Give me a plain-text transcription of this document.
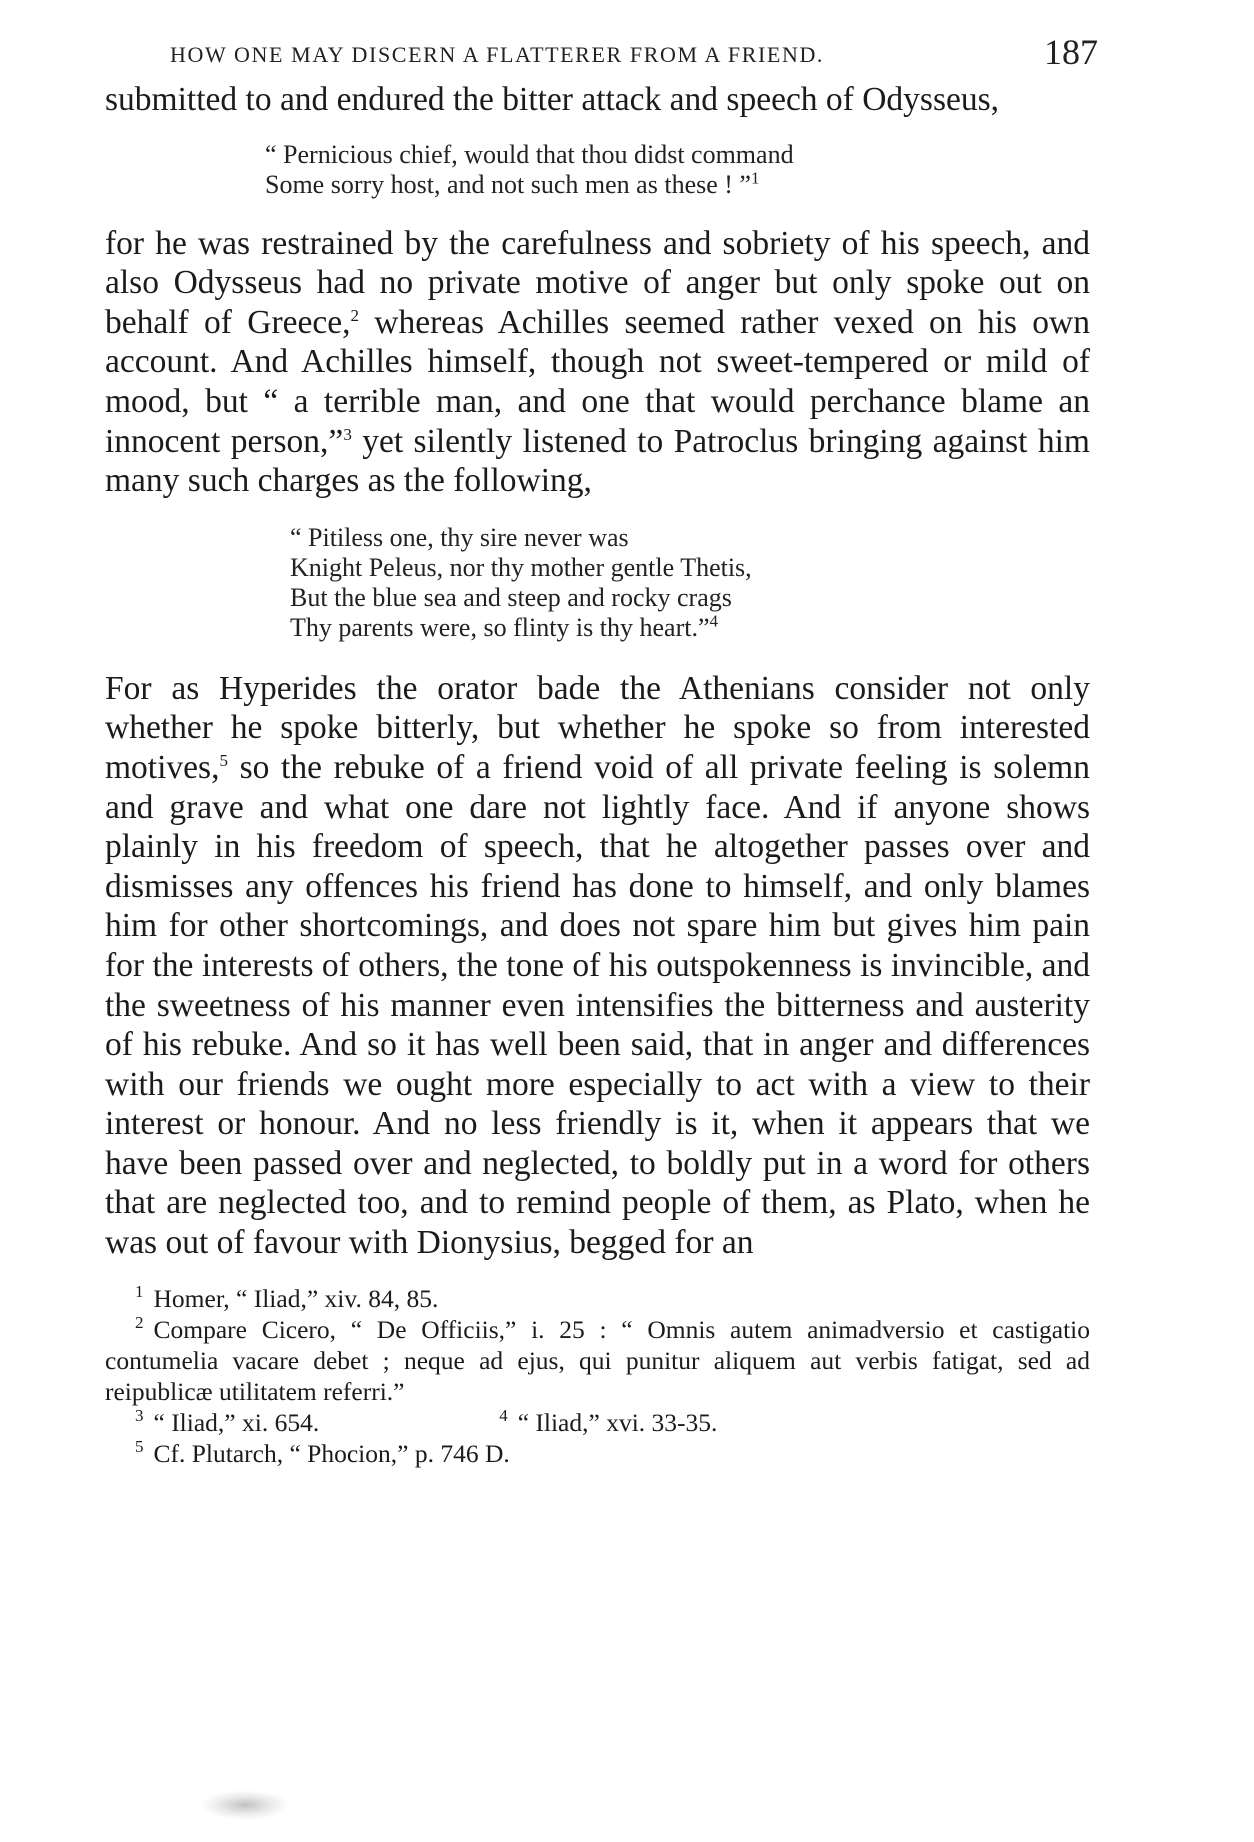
HOW ONE MAY DISCERN A FLATTERER FROM A FRIEND.	187

submitted to and endured the bitter attack and speech of Odysseus,

“ Pernicious chief, would that thou didst command
Some sorry host, and not such men as these ! ”$^1$

for he was restrained by the carefulness and sobriety of his speech, and also Odysseus had no private motive of anger but only spoke out on behalf of Greece,$^2$ whereas Achilles seemed rather vexed on his own account. And Achilles himself, though not sweet-tempered or mild of mood, but “ a terrible man, and one that would perchance blame an innocent person,”$^3$ yet silently listened to Patroclus bringing against him many such charges as the following,

“ Pitiless one, thy sire never was
Knight Peleus, nor thy mother gentle Thetis,
But the blue sea and steep and rocky crags
Thy parents were, so flinty is thy heart.”$^4$

For as Hyperides the orator bade the Athenians consider not only whether he spoke bitterly, but whether he spoke so from interested motives,$^5$ so the rebuke of a friend void of all private feeling is solemn and grave and what one dare not lightly face. And if anyone shows plainly in his freedom of speech, that he altogether passes over and dismisses any offences his friend has done to himself, and only blames him for other shortcomings, and does not spare him but gives him pain for the interests of others, the tone of his outspokenness is invincible, and the sweetness of his manner even intensifies the bitterness and austerity of his rebuke. And so it has well been said, that in anger and differences with our friends we ought more especially to act with a view to their interest or honour. And no less friendly is it, when it appears that we have been passed over and neglected, to boldly put in a word for others that are neglected too, and to remind people of them, as Plato, when he was out of favour with Dionysius, begged for an

$^1$ Homer, “ Iliad,” xiv. 84, 85.

$^2$ Compare Cicero, “ De Officiis,” i. 25 : “ Omnis autem animadversio et castigatio contumelia vacare debet ; neque ad ejus, qui punitur aliquem aut verbis fatigat, sed ad reipublicæ utilitatem referri.”

$^3$ “ Iliad,” xi. 654.	$^4$ “ Iliad,” xvi. 33-35.

$^5$ Cf. Plutarch, “ Phocion,” p. 746 D.
